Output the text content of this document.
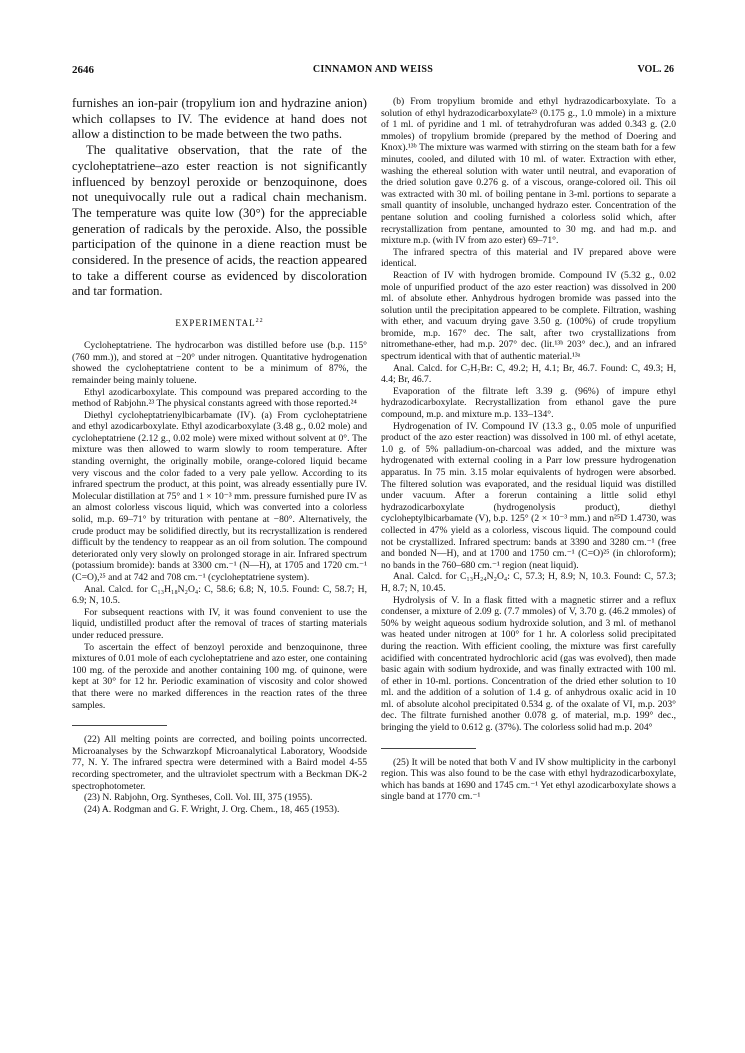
2646	CINNAMON AND WEISS	VOL. 26

furnishes an ion-pair (tropylium ion and hydrazine anion) which collapses to IV. The evidence at hand does not allow a distinction to be made between the two paths.

The qualitative observation, that the rate of the cycloheptatriene–azo ester reaction is not significantly influenced by benzoyl peroxide or benzoquinone, does not unequivocally rule out a radical chain mechanism. The temperature was quite low (30°) for the appreciable generation of radicals by the peroxide. Also, the possible participation of the quinone in a diene reaction must be considered. In the presence of acids, the reaction appeared to take a different course as evidenced by discoloration and tar formation.

EXPERIMENTAL$^{22}$

Cycloheptatriene. The hydrocarbon was distilled before use (b.p. 115° (760 mm.)), and stored at −20° under nitrogen. Quantitative hydrogenation showed the cycloheptatriene content to be a minimum of 87%, the remainder being mainly toluene.

Ethyl azodicarboxylate. This compound was prepared according to the method of Rabjohn.²³ The physical constants agreed with those reported.²⁴

Diethyl cycloheptatrienylbicarbamate (IV). (a) From cycloheptatriene and ethyl azodicarboxylate. Ethyl azodicarboxylate (3.48 g., 0.02 mole) and cycloheptatriene (2.12 g., 0.02 mole) were mixed without solvent at 0°. The mixture was then allowed to warm slowly to room temperature. After standing overnight, the originally mobile, orange-colored liquid became very viscous and the color faded to a very pale yellow. According to its infrared spectrum the product, at this point, was already essentially pure IV. Molecular distillation at 75° and 1 × 10⁻³ mm. pressure furnished pure IV as an almost colorless viscous liquid, which was converted into a colorless solid, m.p. 69–71° by trituration with pentane at −80°. Alternatively, the crude product may be solidified directly, but its recrystallization is rendered difficult by the tendency to reappear as an oil from solution. The compound deteriorated only very slowly on prolonged storage in air. Infrared spectrum (potassium bromide): bands at 3300 cm.⁻¹ (N—H), at 1705 and 1720 cm.⁻¹ (C=O),²⁵ and at 742 and 708 cm.⁻¹ (cycloheptatriene system).

Anal. Calcd. for C₁₃H₁₈N₂O₄: C, 58.6; 6.8; N, 10.5. Found: C, 58.7; H, 6.9; N, 10.5.

For subsequent reactions with IV, it was found convenient to use the liquid, undistilled product after the removal of traces of starting materials under reduced pressure.

To ascertain the effect of benzoyl peroxide and benzoquinone, three mixtures of 0.01 mole of each cycloheptatriene and azo ester, one containing 100 mg. of the peroxide and another containing 100 mg. of quinone, were kept at 30° for 12 hr. Periodic examination of viscosity and color showed that there were no marked differences in the reaction rates of the three samples.

(22) All melting points are corrected, and boiling points uncorrected. Microanalyses by the Schwarzkopf Microanalytical Laboratory, Woodside 77, N. Y. The infrared spectra were determined with a Baird model 4-55 recording spectrometer, and the ultraviolet spectrum with a Beckman DK-2 spectrophotometer.

(23) N. Rabjohn, Org. Syntheses, Coll. Vol. III, 375 (1955).

(24) A. Rodgman and G. F. Wright, J. Org. Chem., 18, 465 (1953).

(b) From tropylium bromide and ethyl hydrazodicarboxylate. To a solution of ethyl hydrazodicarboxylate²³ (0.175 g., 1.0 mmole) in a mixture of 1 ml. of pyridine and 1 ml. of tetrahydrofuran was added 0.343 g. (2.0 mmoles) of tropylium bromide (prepared by the method of Doering and Knox).¹³ᵇ The mixture was warmed with stirring on the steam bath for a few minutes, cooled, and diluted with 10 ml. of water. Extraction with ether, washing the ethereal solution with water until neutral, and evaporation of the dried solution gave 0.276 g. of a viscous, orange-colored oil. This oil was extracted with 30 ml. of boiling pentane in 3-ml. portions to separate a small quantity of insoluble, unchanged hydrazo ester. Concentration of the pentane solution and cooling furnished a colorless solid which, after recrystallization from pentane, amounted to 30 mg. and had m.p. and mixture m.p. (with IV from azo ester) 69–71°.

The infrared spectra of this material and IV prepared above were identical.

Reaction of IV with hydrogen bromide. Compound IV (5.32 g., 0.02 mole of unpurified product of the azo ester reaction) was dissolved in 200 ml. of absolute ether. Anhydrous hydrogen bromide was passed into the solution until the precipitation appeared to be complete. Filtration, washing with ether, and vacuum drying gave 3.50 g. (100%) of crude tropylium bromide, m.p. 167° dec. The salt, after two crystallizations from nitromethane-ether, had m.p. 207° dec. (lit.¹³ᵇ 203° dec.), and an infrared spectrum identical with that of authentic material.¹³ᵃ

Anal. Calcd. for C₇H₇Br: C, 49.2; H, 4.1; Br, 46.7. Found: C, 49.3; H, 4.4; Br, 46.7.

Evaporation of the filtrate left 3.39 g. (96%) of impure ethyl hydrazodicarboxylate. Recrystallization from ethanol gave the pure compound, m.p. and mixture m.p. 133–134°.

Hydrogenation of IV. Compound IV (13.3 g., 0.05 mole of unpurified product of the azo ester reaction) was dissolved in 100 ml. of ethyl acetate, 1.0 g. of 5% palladium-on-charcoal was added, and the mixture was hydrogenated with external cooling in a Parr low pressure hydrogenation apparatus. In 75 min. 3.15 molar equivalents of hydrogen were absorbed. The filtered solution was evaporated, and the residual liquid was distilled under vacuum. After a forerun containing a little solid ethyl hydrazodicarboxylate (hydrogenolysis product), diethyl cycloheptylbicarbamate (V), b.p. 125° (2 × 10⁻³ mm.) and n²⁵D 1.4730, was collected in 47% yield as a colorless, viscous liquid. The compound could not be crystallized. Infrared spectrum: bands at 3390 and 3280 cm.⁻¹ (free and bonded N—H), and at 1700 and 1750 cm.⁻¹ (C=O)²⁵ (in chloroform); no bands in the 760–680 cm.⁻¹ region (neat liquid).

Anal. Calcd. for C₁₃H₂₄N₂O₄: C, 57.3; H, 8.9; N, 10.3. Found: C, 57.3; H, 8.7; N, 10.45.

Hydrolysis of V. In a flask fitted with a magnetic stirrer and a reflux condenser, a mixture of 2.09 g. (7.7 mmoles) of V, 3.70 g. (46.2 mmoles) of 50% by weight aqueous sodium hydroxide solution, and 3 ml. of methanol was heated under nitrogen at 100° for 1 hr. A colorless solid precipitated during the reaction. With efficient cooling, the mixture was first carefully acidified with concentrated hydrochloric acid (gas was evolved), then made basic again with sodium hydroxide, and was finally extracted with 100 ml. of ether in 10-ml. portions. Concentration of the dried ether solution to 10 ml. and the addition of a solution of 1.4 g. of anhydrous oxalic acid in 10 ml. of absolute alcohol precipitated 0.534 g. of the oxalate of VI, m.p. 203° dec. The filtrate furnished another 0.078 g. of material, m.p. 199° dec., bringing the yield to 0.612 g. (37%). The colorless solid had m.p. 204°

(25) It will be noted that both V and IV show multiplicity in the carbonyl region. This was also found to be the case with ethyl hydrazodicarboxylate, which has bands at 1690 and 1745 cm.⁻¹ Yet ethyl azodicarboxylate shows a single band at 1770 cm.⁻¹
